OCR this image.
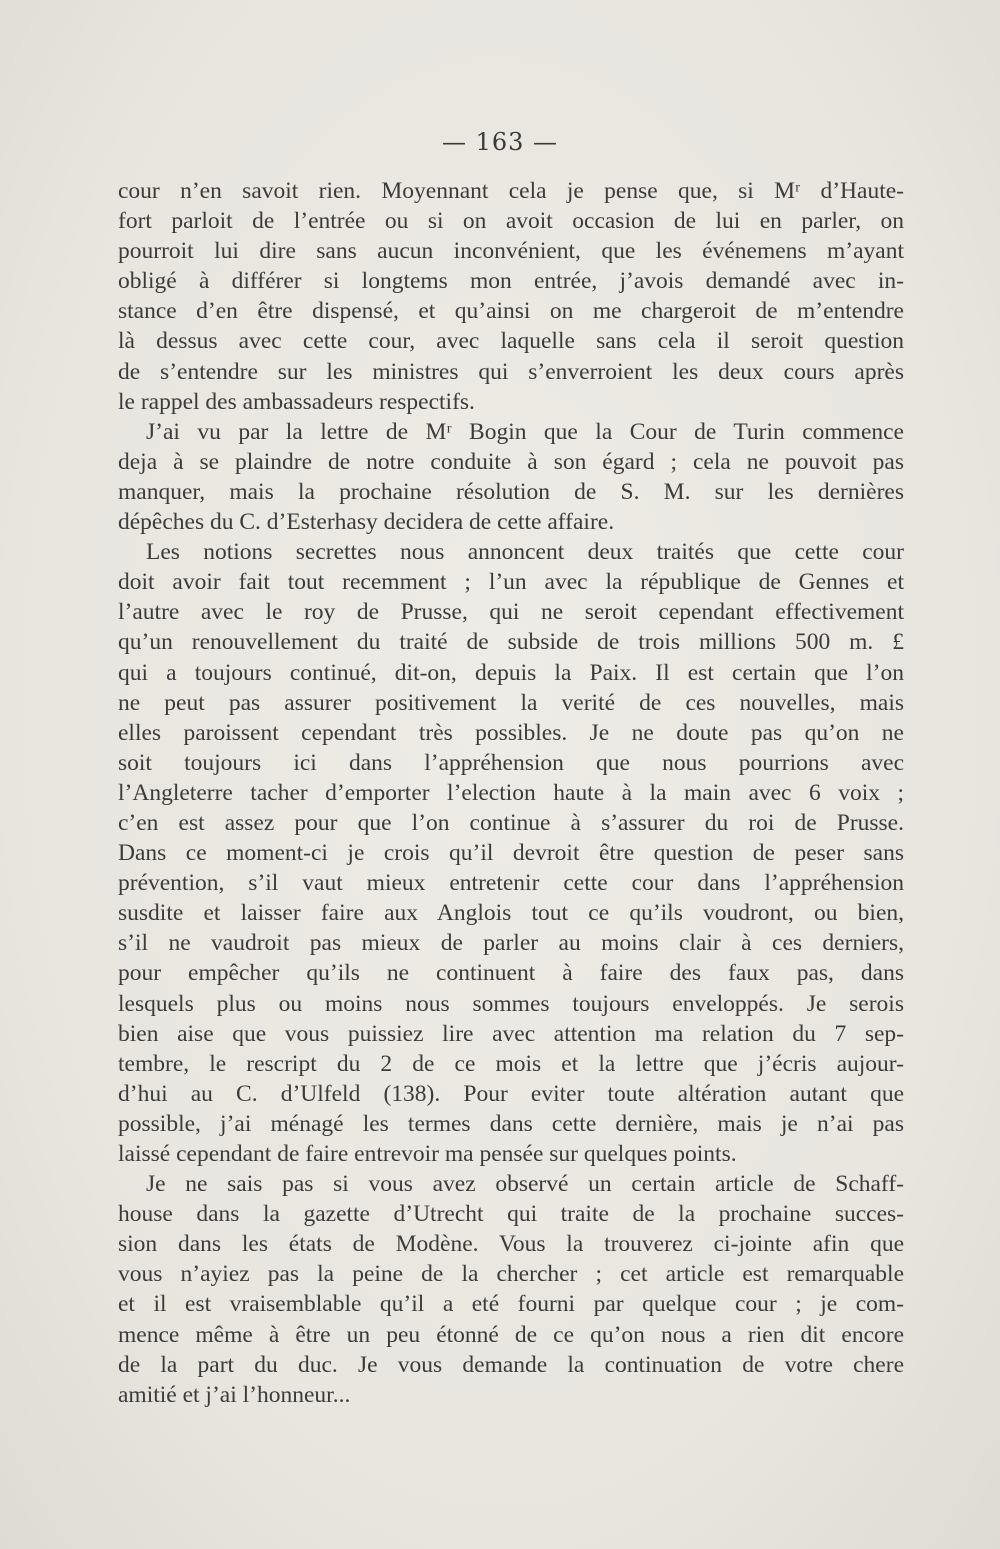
— 163 —
cour n’en savoit rien. Moyennant cela je pense que, si Mʳ d’Haute-
fort parloit de l’entrée ou si on avoit occasion de lui en parler, on
pourroit lui dire sans aucun inconvénient, que les événemens m’ayant
obligé à différer si longtems mon entrée, j’avois demandé avec in-
stance d’en être dispensé, et qu’ainsi on me chargeroit de m’entendre
là dessus avec cette cour, avec laquelle sans cela il seroit question
de s’entendre sur les ministres qui s’enverroient les deux cours après
le rappel des ambassadeurs respectifs.
J’ai vu par la lettre de Mʳ Bogin que la Cour de Turin commence
deja à se plaindre de notre conduite à son égard ; cela ne pouvoit pas
manquer, mais la prochaine résolution de S. M. sur les dernières
dépêches du C. d’Esterhasy decidera de cette affaire.
Les notions secrettes nous annoncent deux traités que cette cour
doit avoir fait tout recemment ; l’un avec la république de Gennes et
l’autre avec le roy de Prusse, qui ne seroit cependant effectivement
qu’un renouvellement du traité de subside de trois millions 500 m. £
qui a toujours continué, dit-on, depuis la Paix. Il est certain que l’on
ne peut pas assurer positivement la verité de ces nouvelles, mais
elles paroissent cependant très possibles. Je ne doute pas qu’on ne
soit toujours ici dans l’appréhension que nous pourrions avec
l’Angleterre tacher d’emporter l’election haute à la main avec 6 voix ;
c’en est assez pour que l’on continue à s’assurer du roi de Prusse.
Dans ce moment-ci je crois qu’il devroit être question de peser sans
prévention, s’il vaut mieux entretenir cette cour dans l’appréhension
susdite et laisser faire aux Anglois tout ce qu’ils voudront, ou bien,
s’il ne vaudroit pas mieux de parler au moins clair à ces derniers,
pour empêcher qu’ils ne continuent à faire des faux pas, dans
lesquels plus ou moins nous sommes toujours enveloppés. Je serois
bien aise que vous puissiez lire avec attention ma relation du 7 sep-
tembre, le rescript du 2 de ce mois et la lettre que j’écris aujour-
d’hui au C. d’Ulfeld (138). Pour eviter toute altération autant que
possible, j’ai ménagé les termes dans cette dernière, mais je n’ai pas
laissé cependant de faire entrevoir ma pensée sur quelques points.
Je ne sais pas si vous avez observé un certain article de Schaff-
house dans la gazette d’Utrecht qui traite de la prochaine succes-
sion dans les états de Modène. Vous la trouverez ci-jointe afin que
vous n’ayiez pas la peine de la chercher ; cet article est remarquable
et il est vraisemblable qu’il a eté fourni par quelque cour ; je com-
mence même à être un peu étonné de ce qu’on nous a rien dit encore
de la part du duc. Je vous demande la continuation de votre chere
amitié et j’ai l’honneur...
